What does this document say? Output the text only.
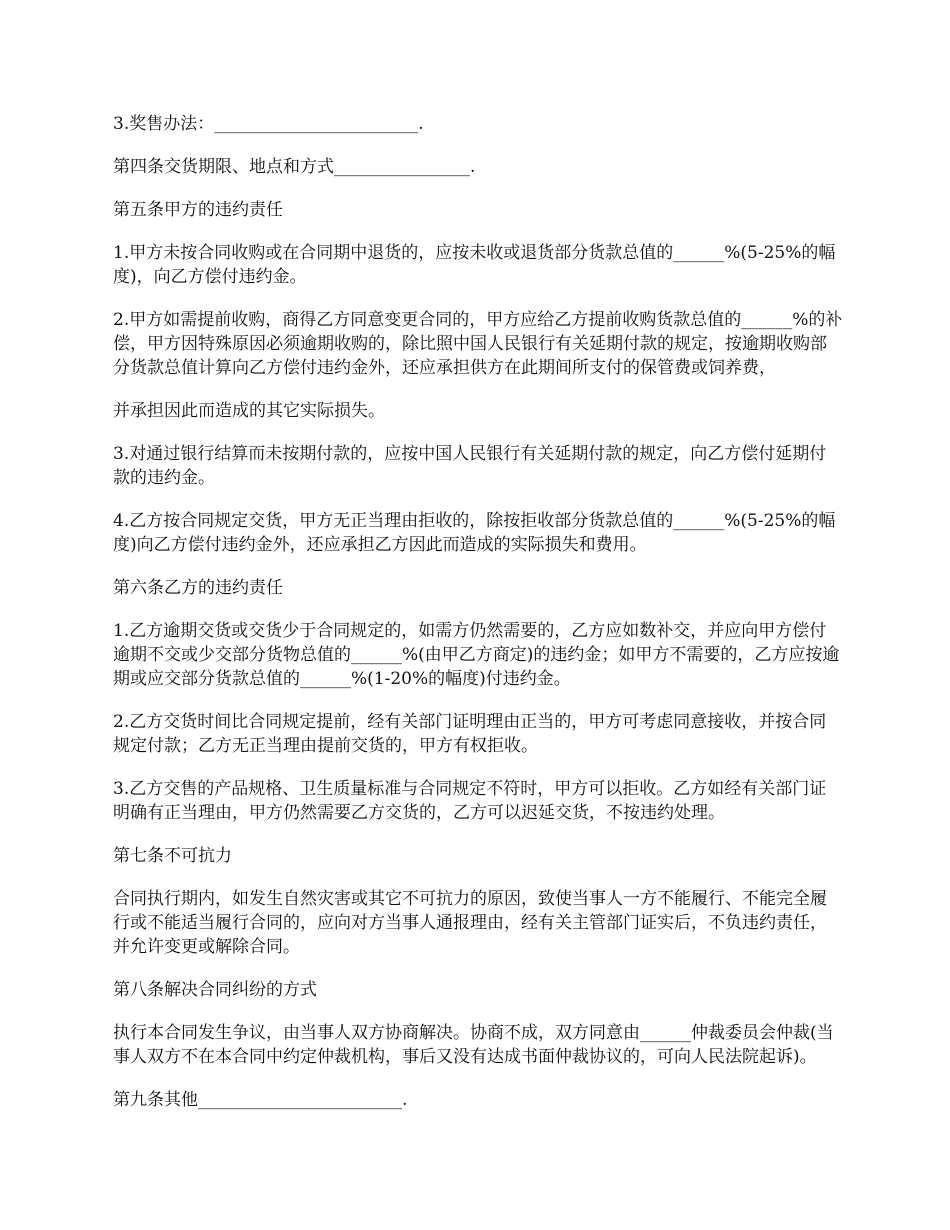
3.奖售办法：________________________.

第四条交货期限、地点和方式________________.

第五条甲方的违约责任

1.甲方未按合同收购或在合同期中退货的，应按未收或退货部分货款总值的______%(5-25%的幅度)，向乙方偿付违约金。

2.甲方如需提前收购，商得乙方同意变更合同的，甲方应给乙方提前收购货款总值的______%的补偿，甲方因特殊原因必须逾期收购的，除比照中国人民银行有关延期付款的规定，按逾期收购部分货款总值计算向乙方偿付违约金外，还应承担供方在此期间所支付的保管费或饲养费，

并承担因此而造成的其它实际损失。

3.对通过银行结算而未按期付款的，应按中国人民银行有关延期付款的规定，向乙方偿付延期付款的违约金。

4.乙方按合同规定交货，甲方无正当理由拒收的，除按拒收部分货款总值的______%(5-25%的幅度)向乙方偿付违约金外，还应承担乙方因此而造成的实际损失和费用。

第六条乙方的违约责任

1.乙方逾期交货或交货少于合同规定的，如需方仍然需要的，乙方应如数补交，并应向甲方偿付逾期不交或少交部分货物总值的______%(由甲乙方商定)的违约金；如甲方不需要的，乙方应按逾期或应交部分货款总值的______%(1-20%的幅度)付违约金。

2.乙方交货时间比合同规定提前，经有关部门证明理由正当的，甲方可考虑同意接收，并按合同规定付款；乙方无正当理由提前交货的，甲方有权拒收。

3.乙方交售的产品规格、卫生质量标准与合同规定不符时，甲方可以拒收。乙方如经有关部门证明确有正当理由，甲方仍然需要乙方交货的，乙方可以迟延交货，不按违约处理。

第七条不可抗力

合同执行期内，如发生自然灾害或其它不可抗力的原因，致使当事人一方不能履行、不能完全履行或不能适当履行合同的，应向对方当事人通报理由，经有关主管部门证实后，不负违约责任，并允许变更或解除合同。

第八条解决合同纠纷的方式

执行本合同发生争议，由当事人双方协商解决。协商不成，双方同意由______仲裁委员会仲裁(当事人双方不在本合同中约定仲裁机构，事后又没有达成书面仲裁协议的，可向人民法院起诉)。

第九条其他________________________.
